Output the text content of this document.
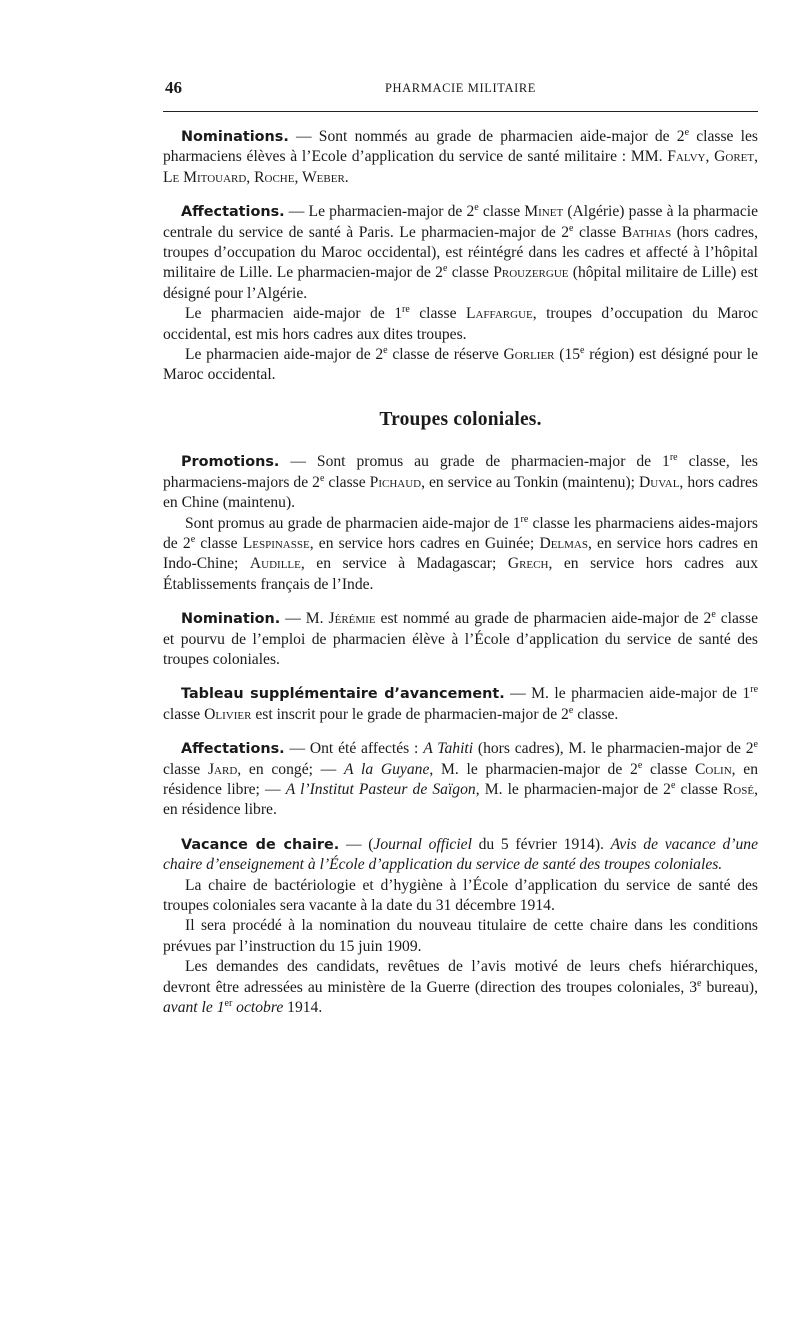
46	PHARMACIE MILITAIRE

Nominations. — Sont nommés au grade de pharmacien aide-major de 2e classe les pharmaciens élèves à l’Ecole d’application du service de santé militaire : MM. Falvy, Goret, Le Mitouard, Roche, Weber.

Affectations. — Le pharmacien-major de 2e classe Minet (Algérie) passe à la pharmacie centrale du service de santé à Paris. Le pharmacien-major de 2e classe Bathias (hors cadres, troupes d’occupation du Maroc occidental), est réintégré dans les cadres et affecté à l’hôpital militaire de Lille. Le pharmacien-major de 2e classe Prouzergue (hôpital militaire de Lille) est désigné pour l’Algérie.

Le pharmacien aide-major de 1re classe Laffargue, troupes d’occupation du Maroc occidental, est mis hors cadres aux dites troupes.

Le pharmacien aide-major de 2e classe de réserve Gorlier (15e région) est désigné pour le Maroc occidental.

Troupes coloniales.

Promotions. — Sont promus au grade de pharmacien-major de 1re classe, les pharmaciens-majors de 2e classe Pichaud, en service au Tonkin (maintenu); Duval, hors cadres en Chine (maintenu).

Sont promus au grade de pharmacien aide-major de 1re classe les pharmaciens aides-majors de 2e classe Lespinasse, en service hors cadres en Guinée; Delmas, en service hors cadres en Indo-Chine; Audille, en service à Madagascar; Grech, en service hors cadres aux Établissements français de l’Inde.

Nomination. — M. Jérémie est nommé au grade de pharmacien aide-major de 2e classe et pourvu de l’emploi de pharmacien élève à l’École d’application du service de santé des troupes coloniales.

Tableau supplémentaire d’avancement. — M. le pharmacien aide-major de 1re classe Olivier est inscrit pour le grade de pharmacien-major de 2e classe.

Affectations. — Ont été affectés : A Tahiti (hors cadres), M. le pharmacien-major de 2e classe Jard, en congé; — A la Guyane, M. le pharmacien-major de 2e classe Colin, en résidence libre; — A l’Institut Pasteur de Saïgon, M. le pharmacien-major de 2e classe Rosé, en résidence libre.

Vacance de chaire. — (Journal officiel du 5 février 1914). Avis de vacance d’une chaire d’enseignement à l’École d’application du service de santé des troupes coloniales.

La chaire de bactériologie et d’hygiène à l’École d’application du service de santé des troupes coloniales sera vacante à la date du 31 décembre 1914.

Il sera procédé à la nomination du nouveau titulaire de cette chaire dans les conditions prévues par l’instruction du 15 juin 1909.

Les demandes des candidats, revêtues de l’avis motivé de leurs chefs hiérarchiques, devront être adressées au ministère de la Guerre (direction des troupes coloniales, 3e bureau), avant le 1er octobre 1914.
